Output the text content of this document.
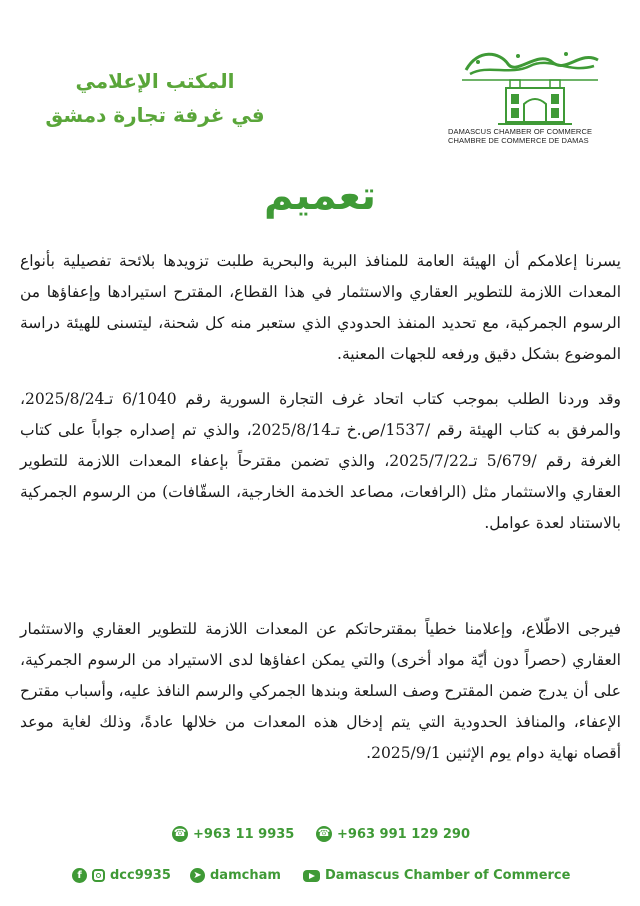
المكتب الإعلامي
في غرفة تجارة دمشق
DAMASCUS CHAMBER OF COMMERCE
CHAMBRE DE COMMERCE DE DAMAS
تعميم

يسرنا إعلامكم أن الهيئة العامة للمنافذ البرية والبحرية طلبت تزويدها بلائحة تفصيلية بأنواع المعدات اللازمة للتطوير العقاري والاستثمار في هذا القطاع، المقترح استيرادها وإعفاؤها من الرسوم الجمركية، مع تحديد المنفذ الحدودي الذي ستعبر منه كل شحنة، ليتسنى للهيئة دراسة الموضوع بشكل دقيق ورفعه للجهات المعنية.

وقد وردنا الطلب بموجب كتاب اتحاد غرف التجارة السورية رقم 6/1040 تـ2025/8/24، والمرفق به كتاب الهيئة رقم /1537/ص.خ تـ2025/8/14، والذي تم إصداره جواباً على كتاب الغرفة رقم /5/679 تـ2025/7/22، والذي تضمن مقترحاً بإعفاء المعدات اللازمة للتطوير العقاري والاستثمار مثل (الرافعات، مصاعد الخدمة الخارجية، السقّافات) من الرسوم الجمركية بالاستناد لعدة عوامل.

فيرجى الاطّلاع، وإعلامنا خطياً بمقترحاتكم عن المعدات اللازمة للتطوير العقاري والاستثمار العقاري (حصراً دون أيّة مواد أخرى) والتي يمكن اعفاؤها لدى الاستيراد من الرسوم الجمركية، على أن يدرج ضمن المقترح وصف السلعة وبندها الجمركي والرسم النافذ عليه، وأسباب مقترح الإعفاء، والمنافذ الحدودية التي يتم إدخال هذه المعدات من خلالها عادةً، وذلك لغاية موعد أقصاه نهاية دوام يوم الإثنين 2025/9/1.

☎
+963 991 129 290
☎
+963 11 9935
f	dcc9935	➤ damcham	Damascus Chamber of Commerce
